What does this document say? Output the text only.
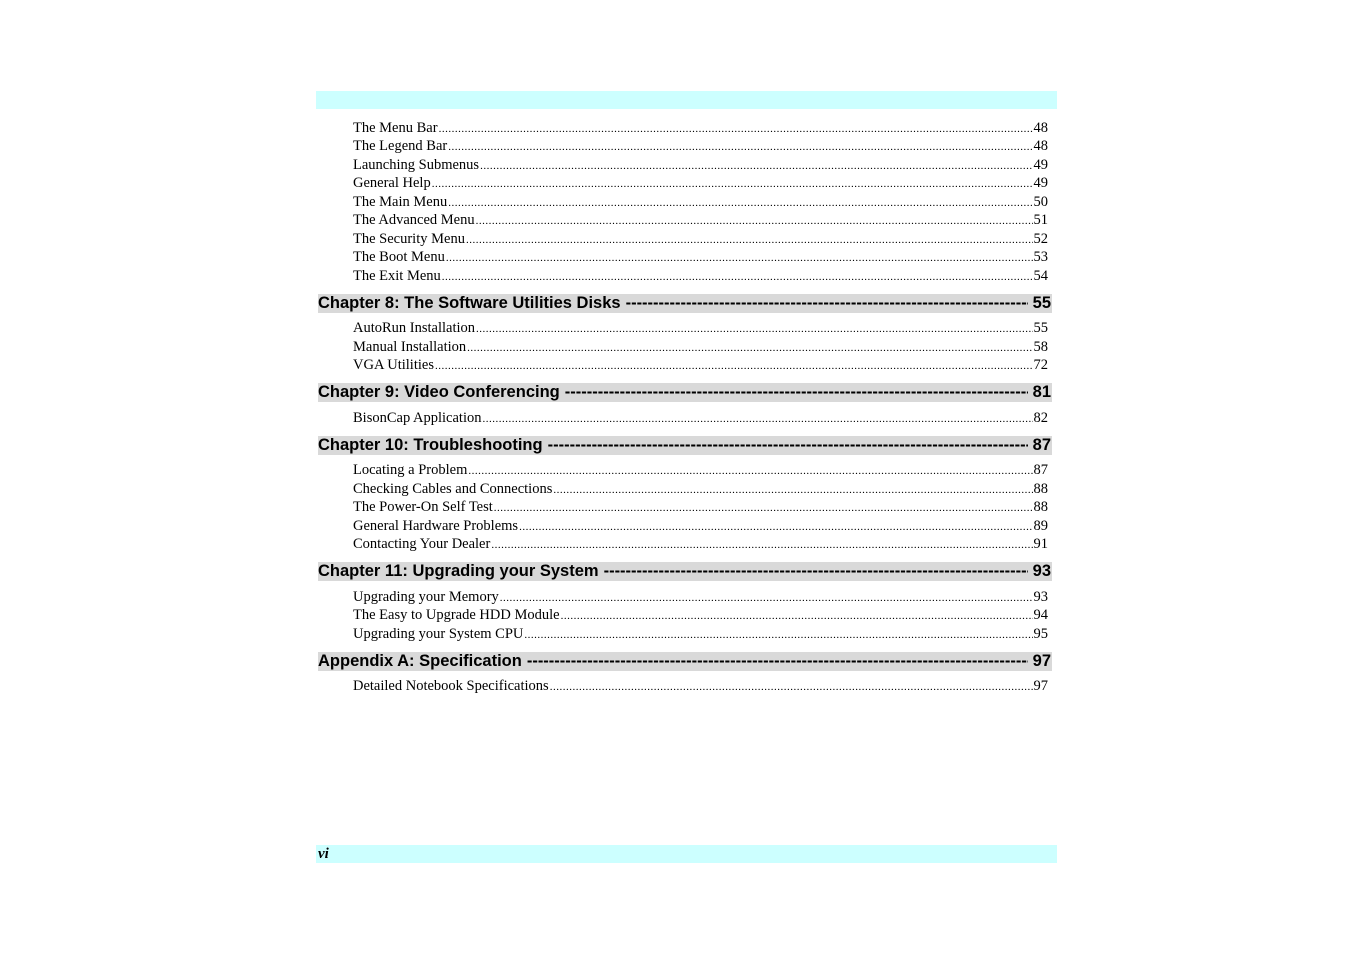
The Menu Bar .....	48
The Legend Bar .....	48
Launching Submenus .....	49
General Help .....	49
The Main Menu .....	50
The Advanced Menu .....	51
The Security Menu .....	52
The Boot Menu .....	53
The Exit Menu .....	54
Chapter 8: The Software Utilities Disks -----	55
AutoRun Installation .....	55
Manual Installation .....	58
VGA Utilities .....	72
Chapter 9: Video Conferencing -----	81
BisonCap Application .....	82
Chapter 10: Troubleshooting -----	87
Locating a Problem .....	87
Checking Cables and Connections .....	88
The Power-On Self Test .....	88
General Hardware Problems .....	89
Contacting Your Dealer .....	91
Chapter 11: Upgrading your System -----	93
Upgrading your Memory .....	93
The Easy to Upgrade HDD Module .....	94
Upgrading your System CPU .....	95
Appendix A: Specification -----	97
Detailed Notebook Specifications .....	97
vi
